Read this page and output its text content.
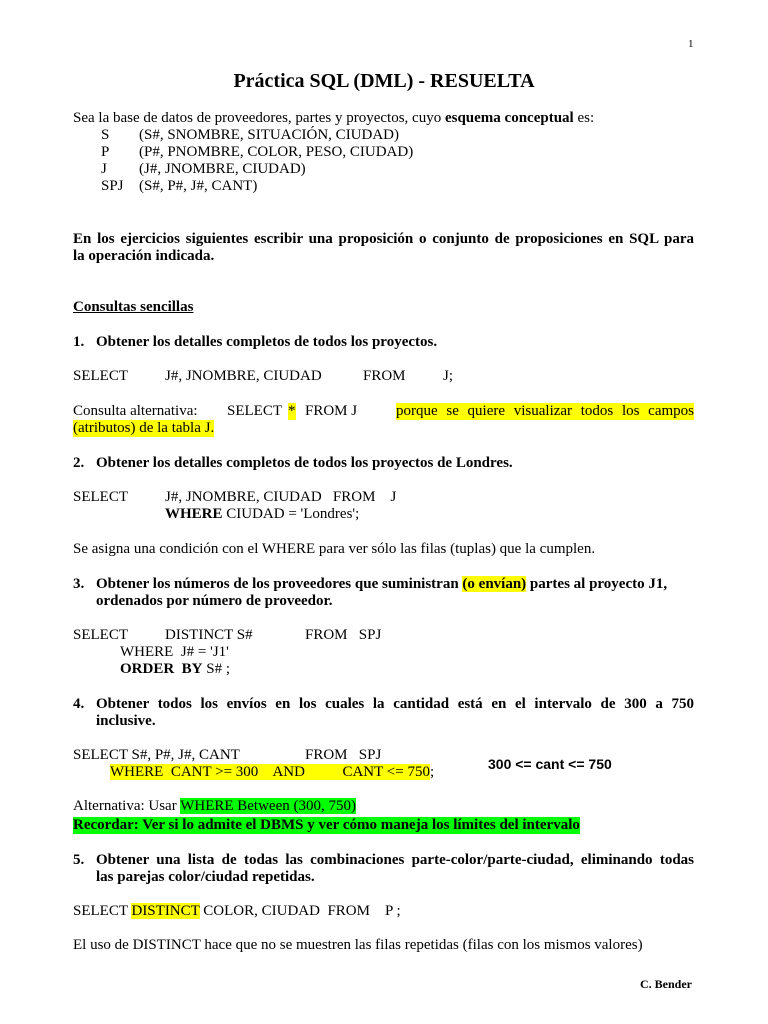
1
Práctica SQL (DML) - RESUELTA
Sea la base de datos de proveedores, partes y proyectos, cuyo esquema conceptual es:
S (S#, SNOMBRE, SITUACIÓN, CIUDAD)
P (P#, PNOMBRE, COLOR, PESO, CIUDAD)
J (J#, JNOMBRE, CIUDAD)
SPJ (S#, P#, J#, CANT)
En los ejercicios siguientes escribir una proposición o conjunto de proposiciones en SQL para
la operación indicada.
Consultas sencillas
1. Obtener los detalles completos de todos los proyectos.
SELECT J#, JNOMBRE, CIUDAD	FROM J;
Consulta alternativa: SELECT * FROM J	porque se quiere visualizar todos los campos
(atributos) de la tabla J.
2. Obtener los detalles completos de todos los proyectos de Londres.
SELECT J#, JNOMBRE, CIUDAD   FROM    J
WHERE CIUDAD = 'Londres';
Se asigna una condición con el WHERE para ver sólo las filas (tuplas) que la cumplen.
3. Obtener los números de los proveedores que suministran (o envían) partes al proyecto J1,
ordenados por número de proveedor.
SELECT DISTINCT S#	FROM   SPJ
WHERE  J# = 'J1'
ORDER  BY S# ;
4. Obtener todos los envíos en los cuales la cantidad está en el intervalo de 300 a 750
inclusive.
SELECT S#, P#, J#, CANT	FROM   SPJ
WHERE  CANT >= 300    AND          CANT <= 750;	300 <= cant <= 750
Alternativa: Usar WHERE Between (300, 750)
Recordar: Ver si lo admite el DBMS y ver cómo maneja los límites del intervalo
5. Obtener una lista de todas las combinaciones parte-color/parte-ciudad, eliminando todas
las parejas color/ciudad repetidas.
SELECT DISTINCT COLOR, CIUDAD  FROM    P ;
El uso de DISTINCT hace que no se muestren las filas repetidas (filas con los mismos valores)
C. Bender
